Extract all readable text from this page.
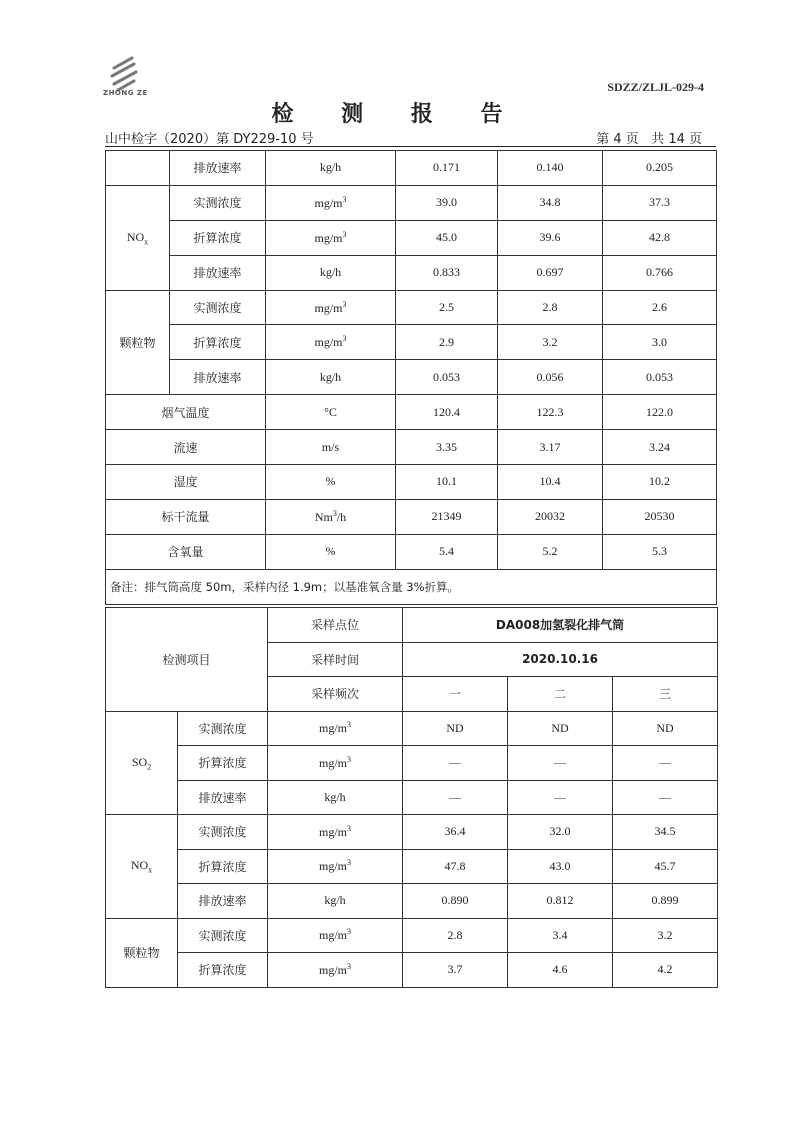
ZHONG ZE	SDZZ/ZLJL-029-4
检 测 报 告
山中检字（2020）第 DY229-10 号	第 4 页   共 14 页
	排放速率	kg/h	0.171	0.140	0.205
$NO_x$	实测浓度	$mg/m^3$	39.0	34.8	37.3
	折算浓度	$mg/m^3$	45.0	39.6	42.8
	排放速率	kg/h	0.833	0.697	0.766
颗粒物	实测浓度	$mg/m^3$	2.5	2.8	2.6
	折算浓度	$mg/m^3$	2.9	3.2	3.0
	排放速率	kg/h	0.053	0.056	0.053
烟气温度		°C	120.4	122.3	122.0
流速		m/s	3.35	3.17	3.24
湿度		%	10.1	10.4	10.2
标干流量		Nm$^3$/h	21349	20032	20530
含氧量		%	5.4	5.2	5.3
备注：排气筒高度 50m，采样内径 1.9m；以基准氧含量 3%折算。					
检测项目		采样点位	DA008加氢裂化排气筒		
		采样时间	2020.10.16		
		采样频次	一	二	三
$SO_2$	实测浓度	$mg/m^3$	ND	ND	ND
	折算浓度	$mg/m^3$	—	—	—
	排放速率	kg/h	—	—	—
$NO_x$	实测浓度	$mg/m^3$	36.4	32.0	34.5
	折算浓度	$mg/m^3$	47.8	43.0	45.7
	排放速率	kg/h	0.890	0.812	0.899
颗粒物	实测浓度	$mg/m^3$	2.8	3.4	3.2
	折算浓度	$mg/m^3$	3.7	4.6	4.2
